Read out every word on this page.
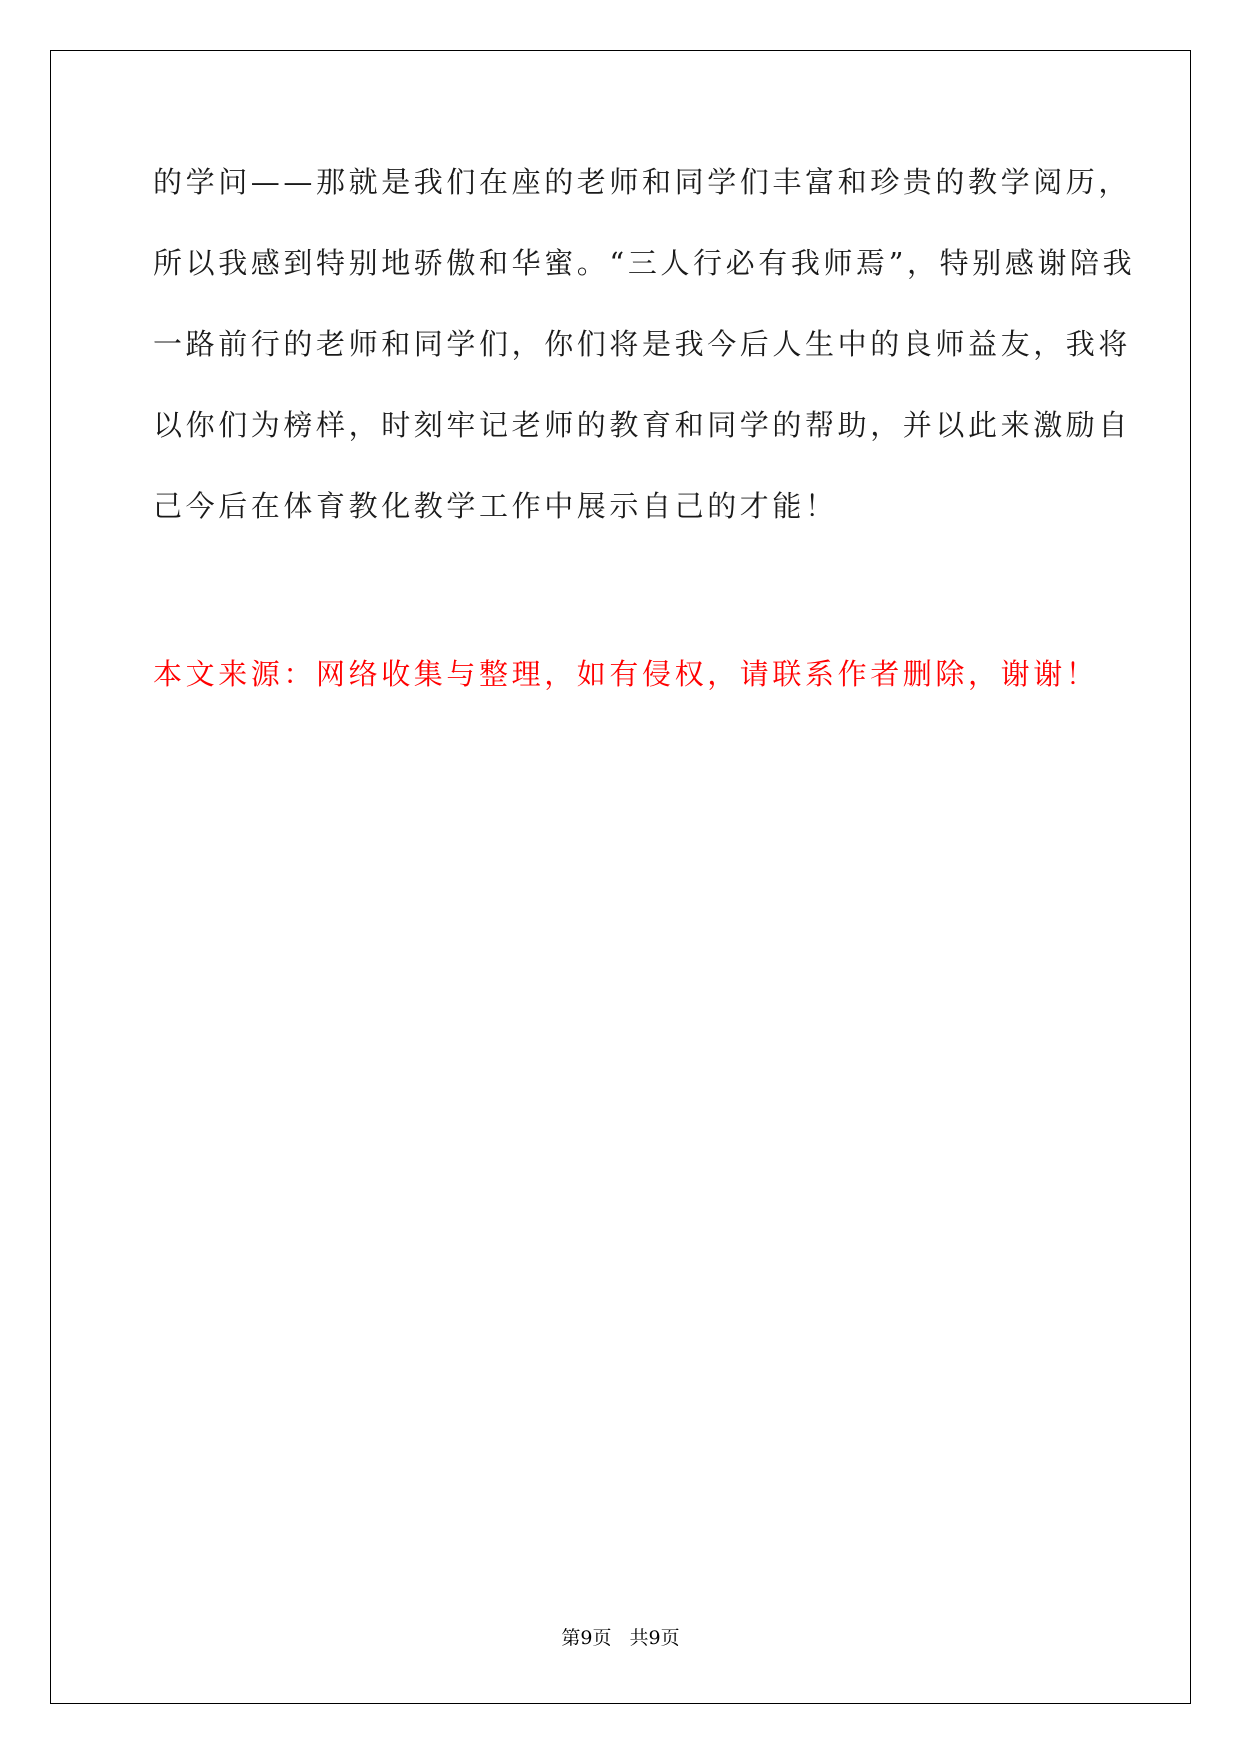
的学问——那就是我们在座的老师和同学们丰富和珍贵的教学阅历，
所以我感到特别地骄傲和华蜜。“三人行必有我师焉”，特别感谢陪我
一路前行的老师和同学们，你们将是我今后人生中的良师益友，我将
以你们为榜样，时刻牢记老师的教育和同学的帮助，并以此来激励自
己今后在体育教化教学工作中展示自己的才能！
本文来源：网络收集与整理，如有侵权，请联系作者删除，谢谢！
第9页 共9页
